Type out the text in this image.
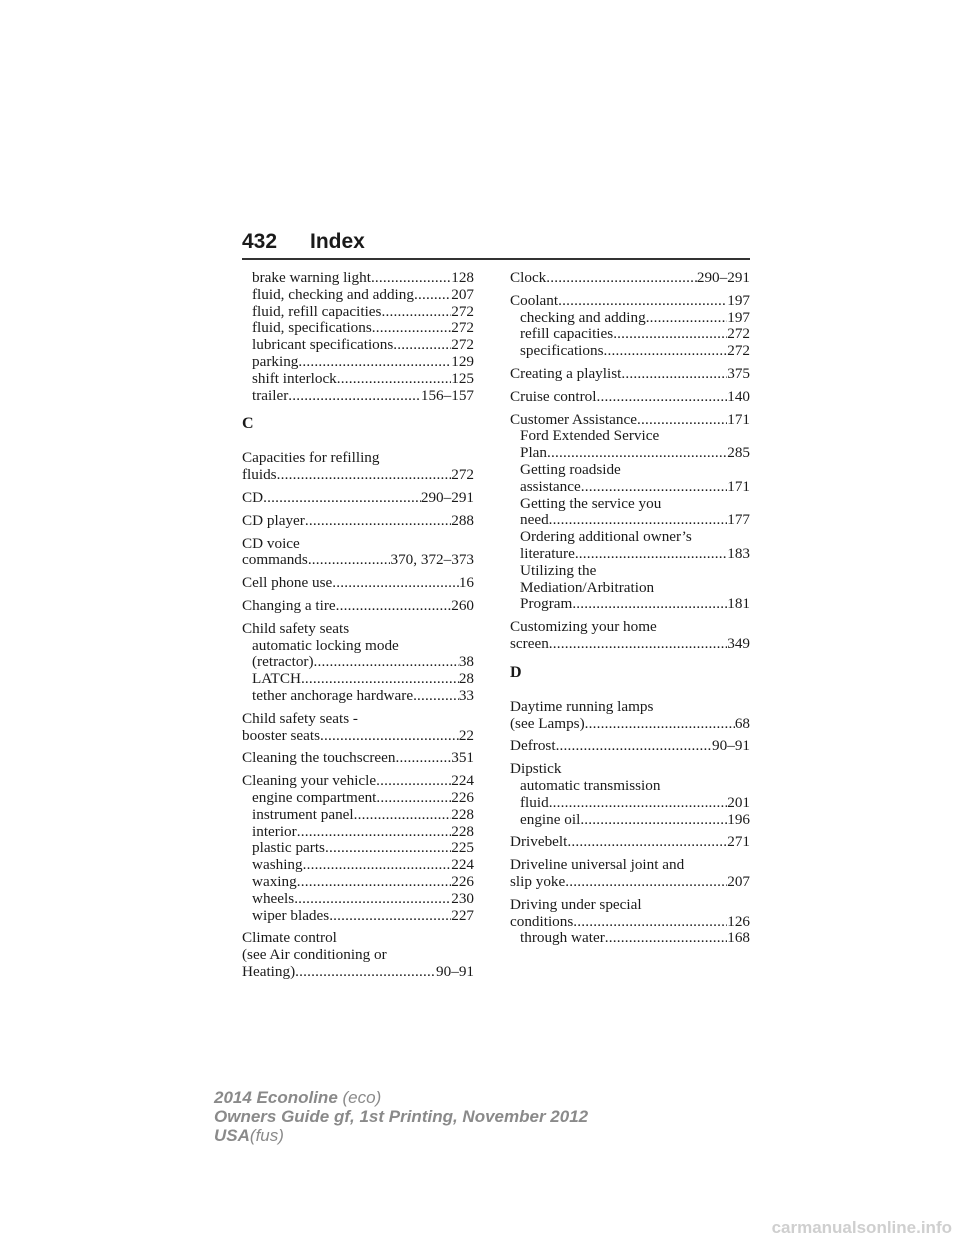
432 Index
brake warning light .....	128
fluid, checking and adding ..... 207
fluid, refill capacities .....	272
fluid, specifications .....	272
lubricant specifications .....	272
parking .....	129
shift interlock .....	125
trailer .....	156–157
C
Capacities for refilling
fluids .....	272
CD .....	290–291
CD player .....	288
CD voice
commands .....	370, 372–373
Cell phone use .....	16
Changing a tire .....	260
Child safety seats
automatic locking mode
(retractor) .....	38
LATCH .....	28
tether anchorage hardware .....	33
Child safety seats -
booster seats .....	22
Cleaning the touchscreen .....	351
Cleaning your vehicle .....	224
engine compartment .....	226
instrument panel .....	228
interior .....	228
plastic parts .....	225
washing .....	224
waxing .....	226
wheels .....	230
wiper blades .....	227
Climate control
(see Air conditioning or
Heating) .....	90–91
Clock .....	290–291
Coolant .....	197
checking and adding .....	197
refill capacities .....	272
specifications .....	272
Creating a playlist .....	375
Cruise control .....	140
Customer Assistance .....	171
Ford Extended Service
Plan .....	285
Getting roadside
assistance .....	171
Getting the service you
need .....	177
Ordering additional owner’s
literature .....	183
Utilizing the
Mediation/Arbitration
Program .....	181
Customizing your home
screen .....	349
D
Daytime running lamps
(see Lamps) .....	68
Defrost .....	90–91
Dipstick
automatic transmission
fluid .....	201
engine oil .....	196
Drivebelt .....	271
Driveline universal joint and
slip yoke .....	207
Driving under special
conditions .....	126
through water .....	168
2014 Econoline (eco)
Owners Guide gf, 1st Printing, November 2012
USA(fus)
carmanualsonline.info
